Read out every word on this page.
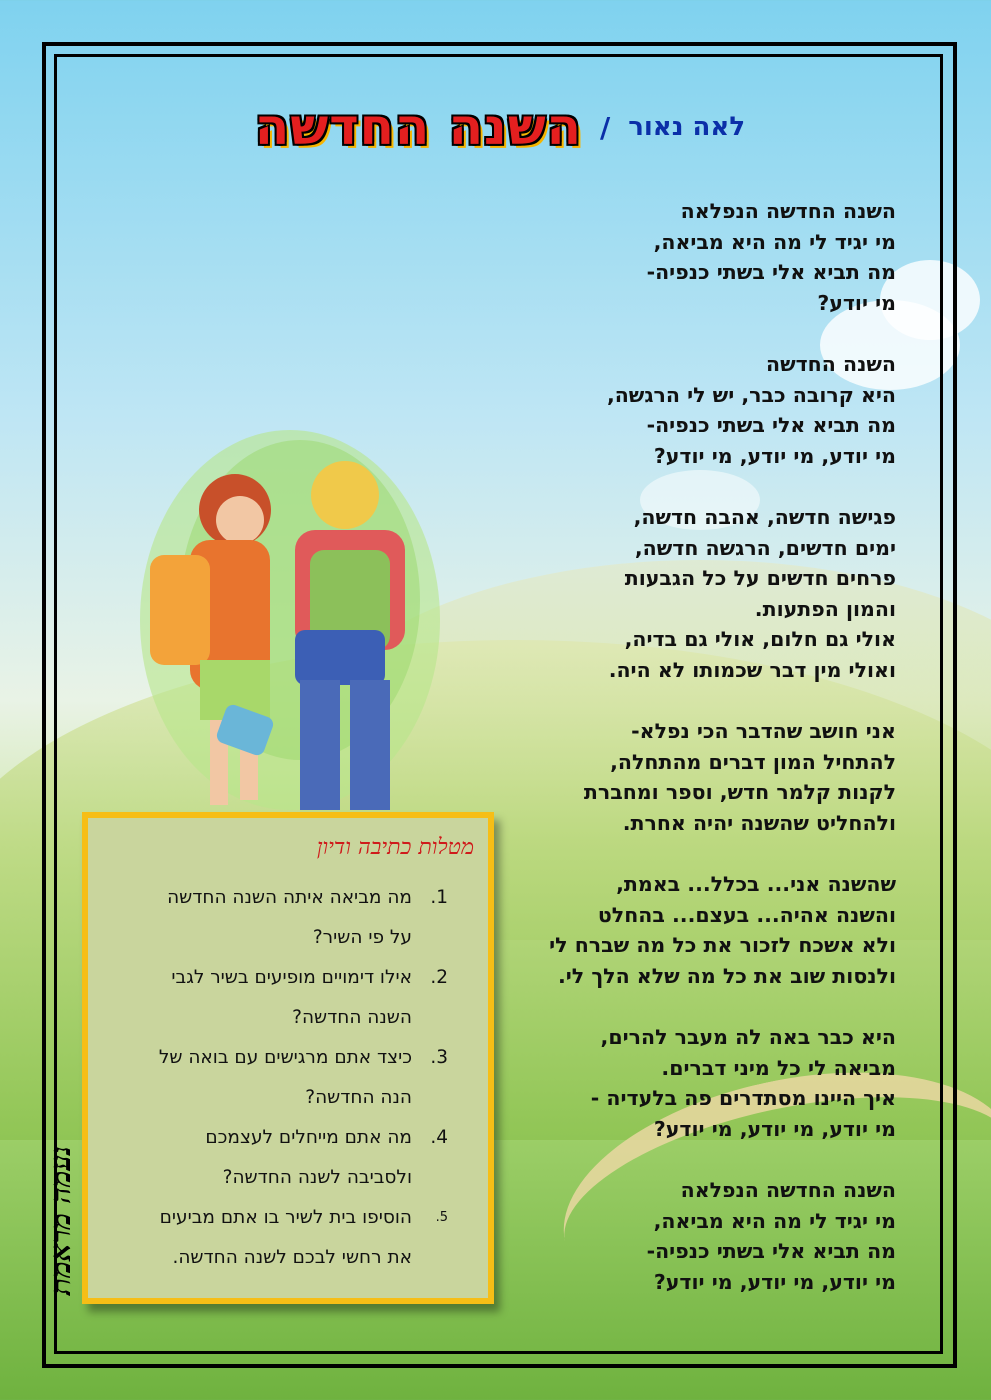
השנה החדשה / לאה נאור
השנה החדשה הנפלאה
מי יגיד לי מה היא מביאה,
מה תביא אלי בשתי כנפיה-
מי יודע?
השנה החדשה
היא קרובה כבר, יש לי הרגשה,
מה תביא אלי בשתי כנפיה-
מי יודע, מי יודע, מי יודע?
פגישה חדשה, אהבה חדשה,
ימים חדשים, הרגשה חדשה,
פרחים חדשים על כל הגבעות
והמון הפתעות.
אולי גם חלום, אולי גם בדיה,
ואולי מין דבר שכמותו לא היה.
אני חושב שהדבר הכי נפלא-
להתחיל המון דברים מהתחלה,
לקנות קלמר חדש, וספר ומחברת
ולהחליט שהשנה יהיה אחרת.
שהשנה אני... בכלל... באמת,
והשנה אהיה... בעצם... בהחלט
ולא אשכח לזכור את כל מה שברח לי
ולנסות שוב את כל מה שלא הלך לי.
היא כבר באה לה מעבר להרים,
מביאה לי כל מיני דברים.
איך היינו מסתדרים פה בלעדיה -
מי יודע, מי יודע, מי יודע?
השנה החדשה הנפלאה
מי יגיד לי מה היא מביאה,
מה תביא אלי בשתי כנפיה-
מי יודע, מי יודע, מי יודע?
מטלות כתיבה ודיון
1.
מה מביאה איתה השנה החדשה
על פי השיר?
2.
אילו דימויים מופיעים בשיר לגבי
השנה החדשה?
3.
כיצד אתם מרגישים עם בואה של
הנה החדשה?
4.
מה אתם מייחלים לעצמכם
ולסביבה לשנה החדשה?
5.
הוסיפו בית לשיר בו אתם מביעים
את רחשי לבכם לשנה החדשה.
נעמה מראמת
